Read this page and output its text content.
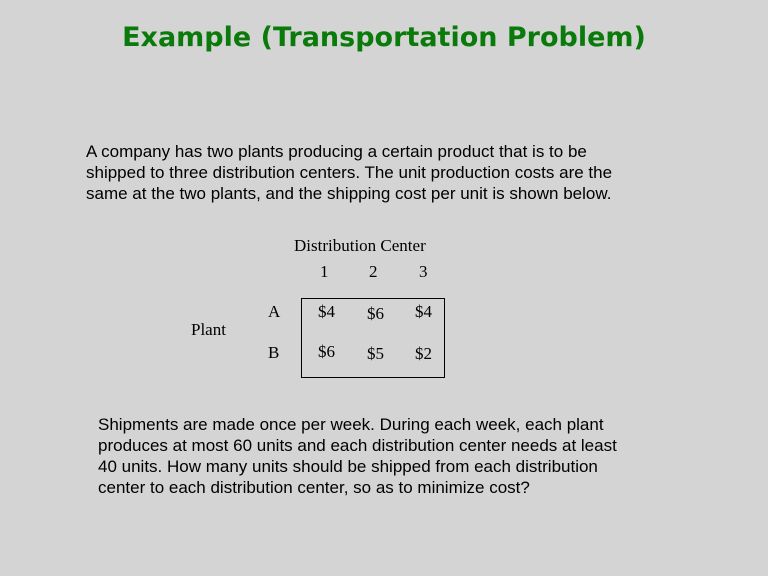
Example (Transportation Problem)
A company has two plants producing a certain product that is to be
shipped to three distribution centers. The unit production costs are the
same at the two plants, and the shipping cost per unit is shown below.
Distribution Center
1 2 3
Plant
A
B
$4 $6 $4
$6 $5 $2
Shipments are made once per week. During each week, each plant
produces at most 60 units and each distribution center needs at least
40 units. How many units should be shipped from each distribution
center to each distribution center, so as to minimize cost?
